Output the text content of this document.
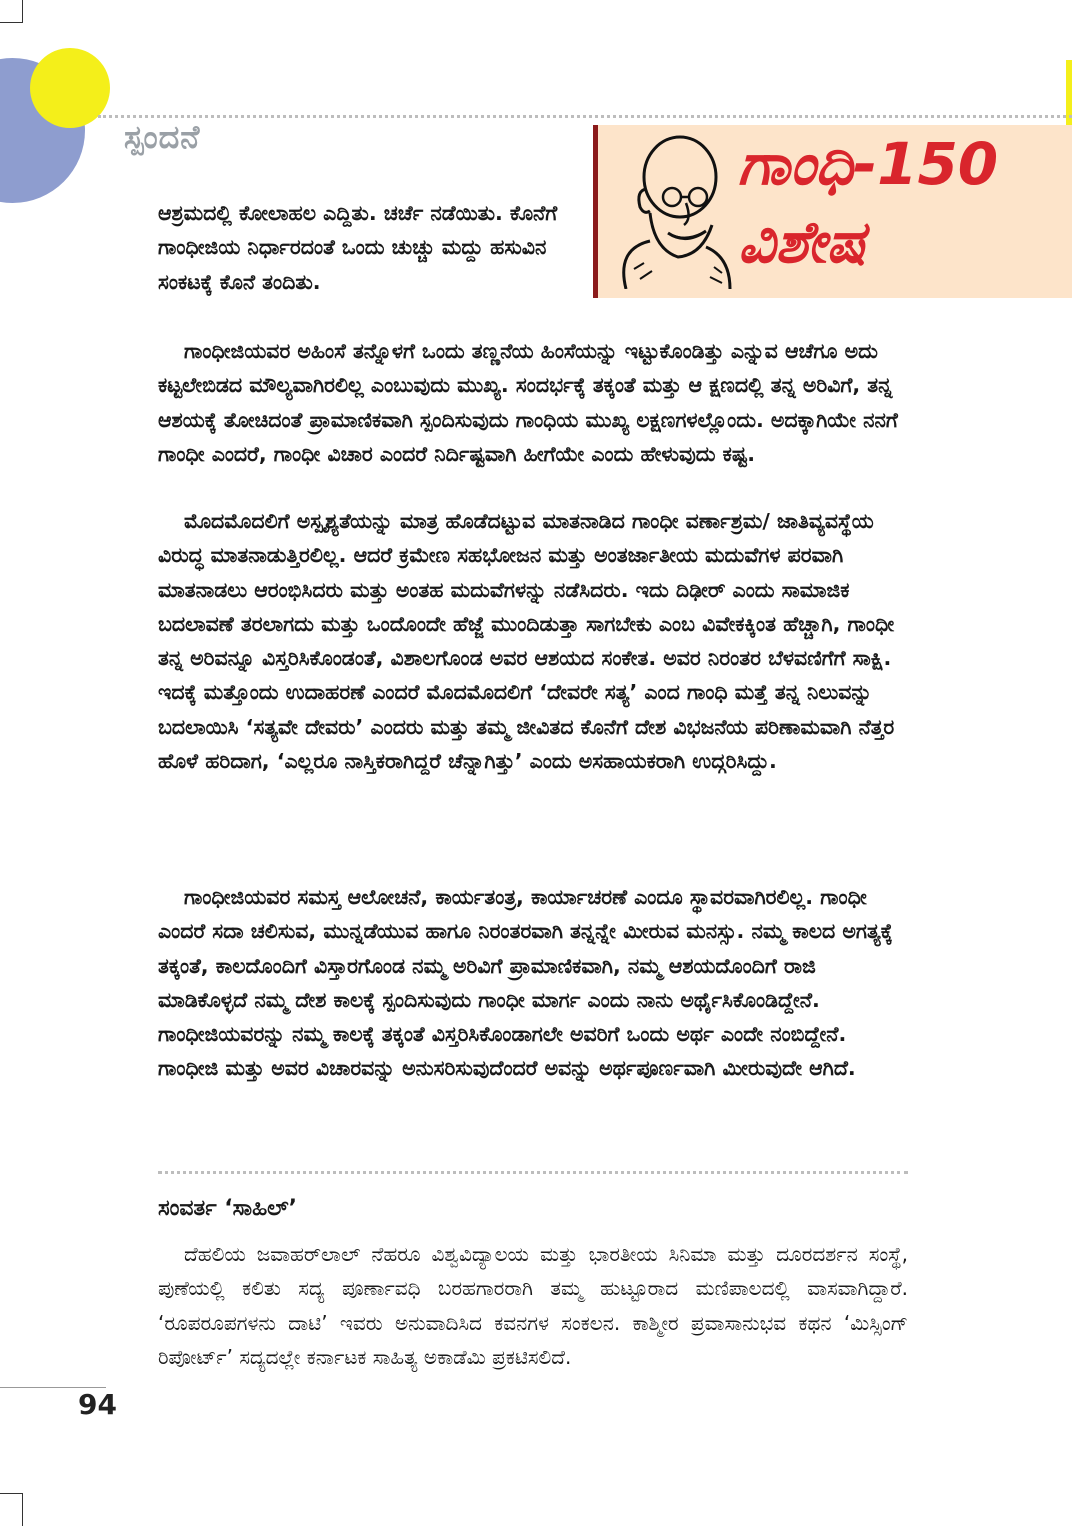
ಸ್ಪಂದನೆ	ಗಾಂಧಿ-150
ವಿಶೇಷ

ಆಶ್ರಮದಲ್ಲಿ ಕೋಲಾಹಲ ಎದ್ದಿತು. ಚರ್ಚೆ ನಡೆಯಿತು. ಕೊನೆಗೆ ಗಾಂಧೀಜಿಯ ನಿರ್ಧಾರದಂತೆ ಒಂದು ಚುಚ್ಚು ಮದ್ದು ಹಸುವಿನ ಸಂಕಟಕ್ಕೆ ಕೊನೆ ತಂದಿತು.

ಗಾಂಧೀಜಿಯವರ ಅಹಿಂಸೆ ತನ್ನೊಳಗೆ ಒಂದು ತಣ್ಣನೆಯ ಹಿಂಸೆಯನ್ನು ಇಟ್ಟುಕೊಂಡಿತ್ತು ಎನ್ನುವ ಆಚೆಗೂ ಅದು ಕಟ್ಟಲೇಬಿಡದ ಮೌಲ್ಯವಾಗಿರಲಿಲ್ಲ ಎಂಬುವುದು ಮುಖ್ಯ. ಸಂದರ್ಭಕ್ಕೆ ತಕ್ಕಂತೆ ಮತ್ತು ಆ ಕ್ಷಣದಲ್ಲಿ ತನ್ನ ಅರಿವಿಗೆ, ತನ್ನ ಆಶಯಕ್ಕೆ ತೋಚಿದಂತೆ ಪ್ರಾಮಾಣಿಕವಾಗಿ ಸ್ಪಂದಿಸುವುದು ಗಾಂಧಿಯ ಮುಖ್ಯ ಲಕ್ಷಣಗಳಲ್ಲೊಂದು. ಅದಕ್ಕಾಗಿಯೇ ನನಗೆ ಗಾಂಧೀ ಎಂದರೆ, ಗಾಂಧೀ ವಿಚಾರ ಎಂದರೆ ನಿರ್ದಿಷ್ಟವಾಗಿ ಹೀಗೆಯೇ ಎಂದು ಹೇಳುವುದು ಕಷ್ಟ.

ಮೊದಮೊದಲಿಗೆ ಅಸ್ಪೃಶ್ಯತೆಯನ್ನು ಮಾತ್ರ ಹೊಡೆದಟ್ಟುವ ಮಾತನಾಡಿದ ಗಾಂಧೀ ವರ್ಣಾಶ್ರಮ/ ಜಾತಿವ್ಯವಸ್ಥೆಯ ವಿರುದ್ಧ ಮಾತನಾಡುತ್ತಿರಲಿಲ್ಲ. ಆದರೆ ಕ್ರಮೇಣ ಸಹಭೋಜನ ಮತ್ತು ಅಂತರ್ಜಾತೀಯ ಮದುವೆಗಳ ಪರವಾಗಿ ಮಾತನಾಡಲು ಆರಂಭಿಸಿದರು ಮತ್ತು ಅಂತಹ ಮದುವೆಗಳನ್ನು ನಡೆಸಿದರು. ಇದು ದಿಢೀರ್ ಎಂದು ಸಾಮಾಜಿಕ ಬದಲಾವಣೆ ತರಲಾಗದು ಮತ್ತು ಒಂದೊಂದೇ ಹೆಜ್ಜೆ ಮುಂದಿಡುತ್ತಾ ಸಾಗಬೇಕು ಎಂಬ ವಿವೇಕಕ್ಕಿಂತ ಹೆಚ್ಚಾಗಿ, ಗಾಂಧೀ ತನ್ನ ಅರಿವನ್ನೂ ವಿಸ್ತರಿಸಿಕೊಂಡಂತೆ, ವಿಶಾಲಗೊಂಡ ಅವರ ಆಶಯದ ಸಂಕೇತ. ಅವರ ನಿರಂತರ ಬೆಳವಣಿಗೆಗೆ ಸಾಕ್ಷಿ. ಇದಕ್ಕೆ ಮತ್ತೊಂದು ಉದಾಹರಣೆ ಎಂದರೆ ಮೊದಮೊದಲಿಗೆ ‘ದೇವರೇ ಸತ್ಯ’ ಎಂದ ಗಾಂಧಿ ಮತ್ತೆ ತನ್ನ ನಿಲುವನ್ನು ಬದಲಾಯಿಸಿ ‘ಸತ್ಯವೇ ದೇವರು’ ಎಂದರು ಮತ್ತು ತಮ್ಮ ಜೀವಿತದ ಕೊನೆಗೆ ದೇಶ ವಿಭಜನೆಯ ಪರಿಣಾಮವಾಗಿ ನೆತ್ತರ ಹೊಳೆ ಹರಿದಾಗ, ‘ಎಲ್ಲರೂ ನಾಸ್ತಿಕರಾಗಿದ್ದರೆ ಚೆನ್ನಾಗಿತ್ತು’ ಎಂದು ಅಸಹಾಯಕರಾಗಿ ಉದ್ಗರಿಸಿದ್ದು.

ಗಾಂಧೀಜಿಯವರ ಸಮಸ್ತ ಆಲೋಚನೆ, ಕಾರ್ಯತಂತ್ರ, ಕಾರ್ಯಾಚರಣೆ ಎಂದೂ ಸ್ಥಾವರವಾಗಿರಲಿಲ್ಲ. ಗಾಂಧೀ ಎಂದರೆ ಸದಾ ಚಲಿಸುವ, ಮುನ್ನಡೆಯುವ ಹಾಗೂ ನಿರಂತರವಾಗಿ ತನ್ನನ್ನೇ ಮೀರುವ ಮನಸ್ಸು. ನಮ್ಮ ಕಾಲದ ಅಗತ್ಯಕ್ಕೆ ತಕ್ಕಂತೆ, ಕಾಲದೊಂದಿಗೆ ವಿಸ್ತಾರಗೊಂಡ ನಮ್ಮ ಅರಿವಿಗೆ ಪ್ರಾಮಾಣಿಕವಾಗಿ, ನಮ್ಮ ಆಶಯದೊಂದಿಗೆ ರಾಜಿ ಮಾಡಿಕೊಳ್ಳದೆ ನಮ್ಮ ದೇಶ ಕಾಲಕ್ಕೆ ಸ್ಪಂದಿಸುವುದು ಗಾಂಧೀ ಮಾರ್ಗ ಎಂದು ನಾನು ಅರ್ಥೈಸಿಕೊಂಡಿದ್ದೇನೆ. ಗಾಂಧೀಜಿಯವರನ್ನು ನಮ್ಮ ಕಾಲಕ್ಕೆ ತಕ್ಕಂತೆ ವಿಸ್ತರಿಸಿಕೊಂಡಾಗಲೇ ಅವರಿಗೆ ಒಂದು ಅರ್ಥ ಎಂದೇ ನಂಬಿದ್ದೇನೆ. ಗಾಂಧೀಜಿ ಮತ್ತು ಅವರ ವಿಚಾರವನ್ನು ಅನುಸರಿಸುವುದೆಂದರೆ ಅವನ್ನು ಅರ್ಥಪೂರ್ಣವಾಗಿ ಮೀರುವುದೇ ಆಗಿದೆ.

ಸಂವರ್ತ ‘ಸಾಹಿಲ್’

ದೆಹಲಿಯ ಜವಾಹರ್‌ಲಾಲ್ ನೆಹರೂ ವಿಶ್ವವಿದ್ಯಾಲಯ ಮತ್ತು ಭಾರತೀಯ ಸಿನಿಮಾ ಮತ್ತು ದೂರದರ್ಶನ ಸಂಸ್ಥೆ, ಪುಣೆಯಲ್ಲಿ ಕಲಿತು ಸದ್ಯ ಪೂರ್ಣಾವಧಿ ಬರಹಗಾರರಾಗಿ ತಮ್ಮ ಹುಟ್ಟೂರಾದ ಮಣಿಪಾಲದಲ್ಲಿ ವಾಸವಾಗಿದ್ದಾರೆ. ‘ರೂಪರೂಪಗಳನು ದಾಟಿ’ ಇವರು ಅನುವಾದಿಸಿದ ಕವನಗಳ ಸಂಕಲನ. ಕಾಶ್ಮೀರ ಪ್ರವಾಸಾನುಭವ ಕಥನ ‘ಮಿಸ್ಸಿಂಗ್ ರಿಪೋರ್ಟ್’ ಸದ್ಯದಲ್ಲೇ ಕರ್ನಾಟಕ ಸಾಹಿತ್ಯ ಅಕಾಡೆಮಿ ಪ್ರಕಟಿಸಲಿದೆ.

94
